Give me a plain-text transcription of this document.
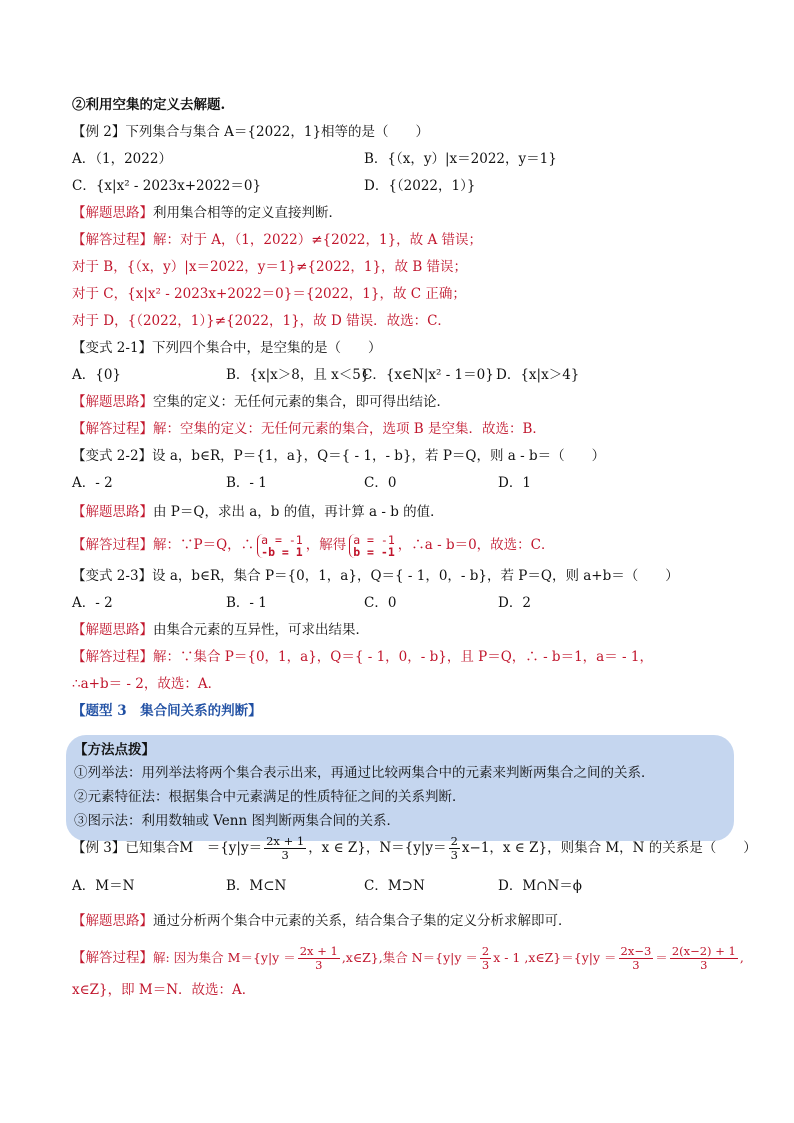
【方法点拨】
①列举法：用列举法将两个集合表示出来，再通过比较两集合中的元素来判断两集合之间的关系．
②元素特征法：根据集合中元素满足的性质特征之间的关系判断．
③图示法：利用数轴或 Venn 图判断两集合间的关系．
②利用空集的定义去解题.
【例 2】下列集合与集合 A＝{2022，1}相等的是（　　）
A．（1，2022）	B．{（x，y）|x＝2022，y＝1}
C．{x|x² - 2023x+2022＝0}	D．{（2022，1）}
【解题思路】利用集合相等的定义直接判断．
【解答过程】解：对于 A，（1，2022）≠{2022，1}，故 A 错误；
对于 B，{（x，y）|x＝2022，y＝1}≠{2022，1}，故 B 错误；
对于 C，{x|x² - 2023x+2022＝0}＝{2022，1}，故 C 正确；
对于 D，{（2022，1）}≠{2022，1}，故 D 错误．故选：C．
【变式 2-1】下列四个集合中，是空集的是（　　）
A．{0}	B．{x|x＞8，且 x＜5}
C．{x∈N|x² - 1＝0} D．{x|x＞4}
【解题思路】空集的定义：无任何元素的集合，即可得出结论．
【解答过程】解：空集的定义：无任何元素的集合，选项 B 是空集．故选：B．
【变式 2-2】设 a，b∈R，P＝{1，a}，Q＝{ - 1，- b}，若 P＝Q，则 a - b＝（　　）
A．- 2	B．- 1	C．0	D．1
【解题思路】由 P＝Q，求出 a，b 的值，再计算 a - b 的值．
【解答过程】解：∵P＝Q，∴ a = -1
-b = 1 ，解得 a = -1
b = -1 ，∴a - b＝0，故选：C．
【变式 2-3】设 a，b∈R，集合 P＝{0，1，a}，Q＝{ - 1，0，- b}，若 P＝Q，则 a+b＝（　　）
A．- 2	B．- 1	C．0	D．2
【解题思路】由集合元素的互异性，可求出结果．
【解答过程】解：∵集合 P＝{0，1，a}，Q＝{ - 1，0，- b}，且 P＝Q，∴ - b＝1，a＝ - 1，
∴a+b＝ - 2，故选：A．
【题型 3　集合间关系的判断】
【例 3】已知集合M　$=\{y|y= \frac{2x + 1}{3}$ ，x ∈ Z}，$N=\{y|y= \frac{2}{3} x-1$，x ∈ Z}，则集合 M，N 的关系是（　　）
A．M＝N	B．M⊂N	C．M⊃N	D．M∩N＝ϕ
【解题思路】通过分析两个集合中元素的关系，结合集合子集的定义分析求解即可．
【解答过程】解: 因为集合 $M=\{y|y = \frac{2x + 1}{3}$ ,x∈Z},集合 $N=\{y|y = \frac{2}{3}$ x - 1 ,x∈Z}＝{y|y ＝ $\frac{2x-3}{3} = \frac{2(x-2) + 1}{3}$ ,
x∈Z}，即 M＝N．故选：A．
